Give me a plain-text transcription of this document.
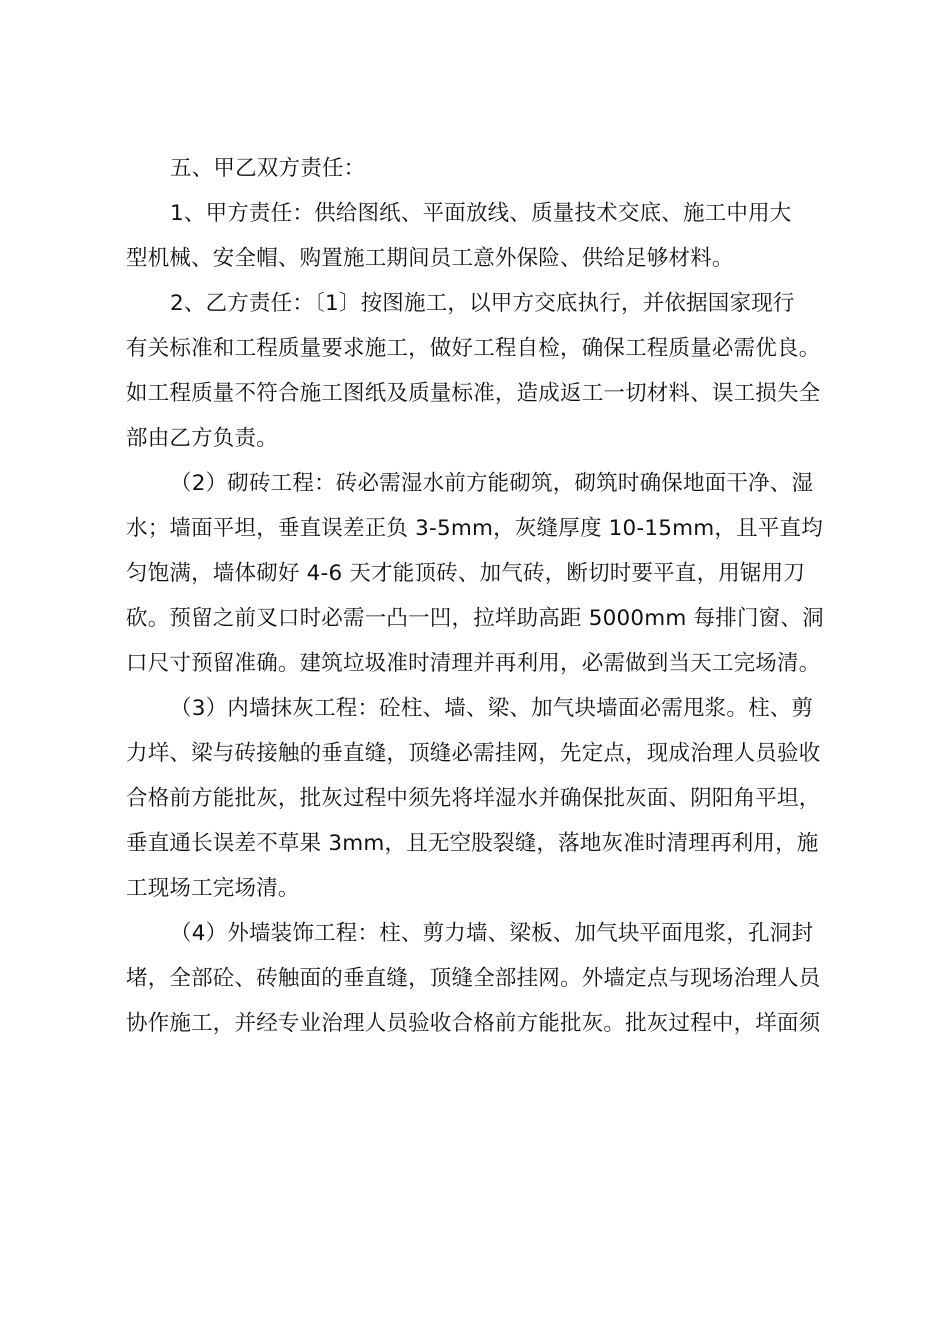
五、甲乙双方责任：
1、甲方责任：供给图纸、平面放线、质量技术交底、施工中用大
型机械、安全帽、购置施工期间员工意外保险、供给足够材料。
2、乙方责任：〔1〕按图施工，以甲方交底执行，并依据国家现行
有关标准和工程质量要求施工，做好工程自检，确保工程质量必需优良。
如工程质量不符合施工图纸及质量标准，造成返工一切材料、误工损失全
部由乙方负责。
（2）砌砖工程：砖必需湿水前方能砌筑，砌筑时确保地面干净、湿
水；墙面平坦，垂直误差正负 3-5mm，灰缝厚度 10-15mm，且平直均
匀饱满，墙体砌好 4-6 天才能顶砖、加气砖，断切时要平直，用锯用刀
砍。预留之前叉口时必需一凸一凹，拉垟助高距 5000mm 每排门窗、洞
口尺寸预留准确。建筑垃圾准时清理并再利用，必需做到当天工完场清。
（3）内墙抹灰工程：砼柱、墙、梁、加气块墙面必需甩浆。柱、剪
力垟、梁与砖接触的垂直缝，顶缝必需挂网，先定点，现成治理人员验收
合格前方能批灰，批灰过程中须先将垟湿水并确保批灰面、阴阳角平坦，
垂直通长误差不草果 3mm，且无空股裂缝，落地灰准时清理再利用，施
工现场工完场清。
（4）外墙装饰工程：柱、剪力墙、梁板、加气块平面甩浆，孔洞封
堵，全部砼、砖触面的垂直缝，顶缝全部挂网。外墙定点与现场治理人员
协作施工，并经专业治理人员验收合格前方能批灰。批灰过程中，垟面须
